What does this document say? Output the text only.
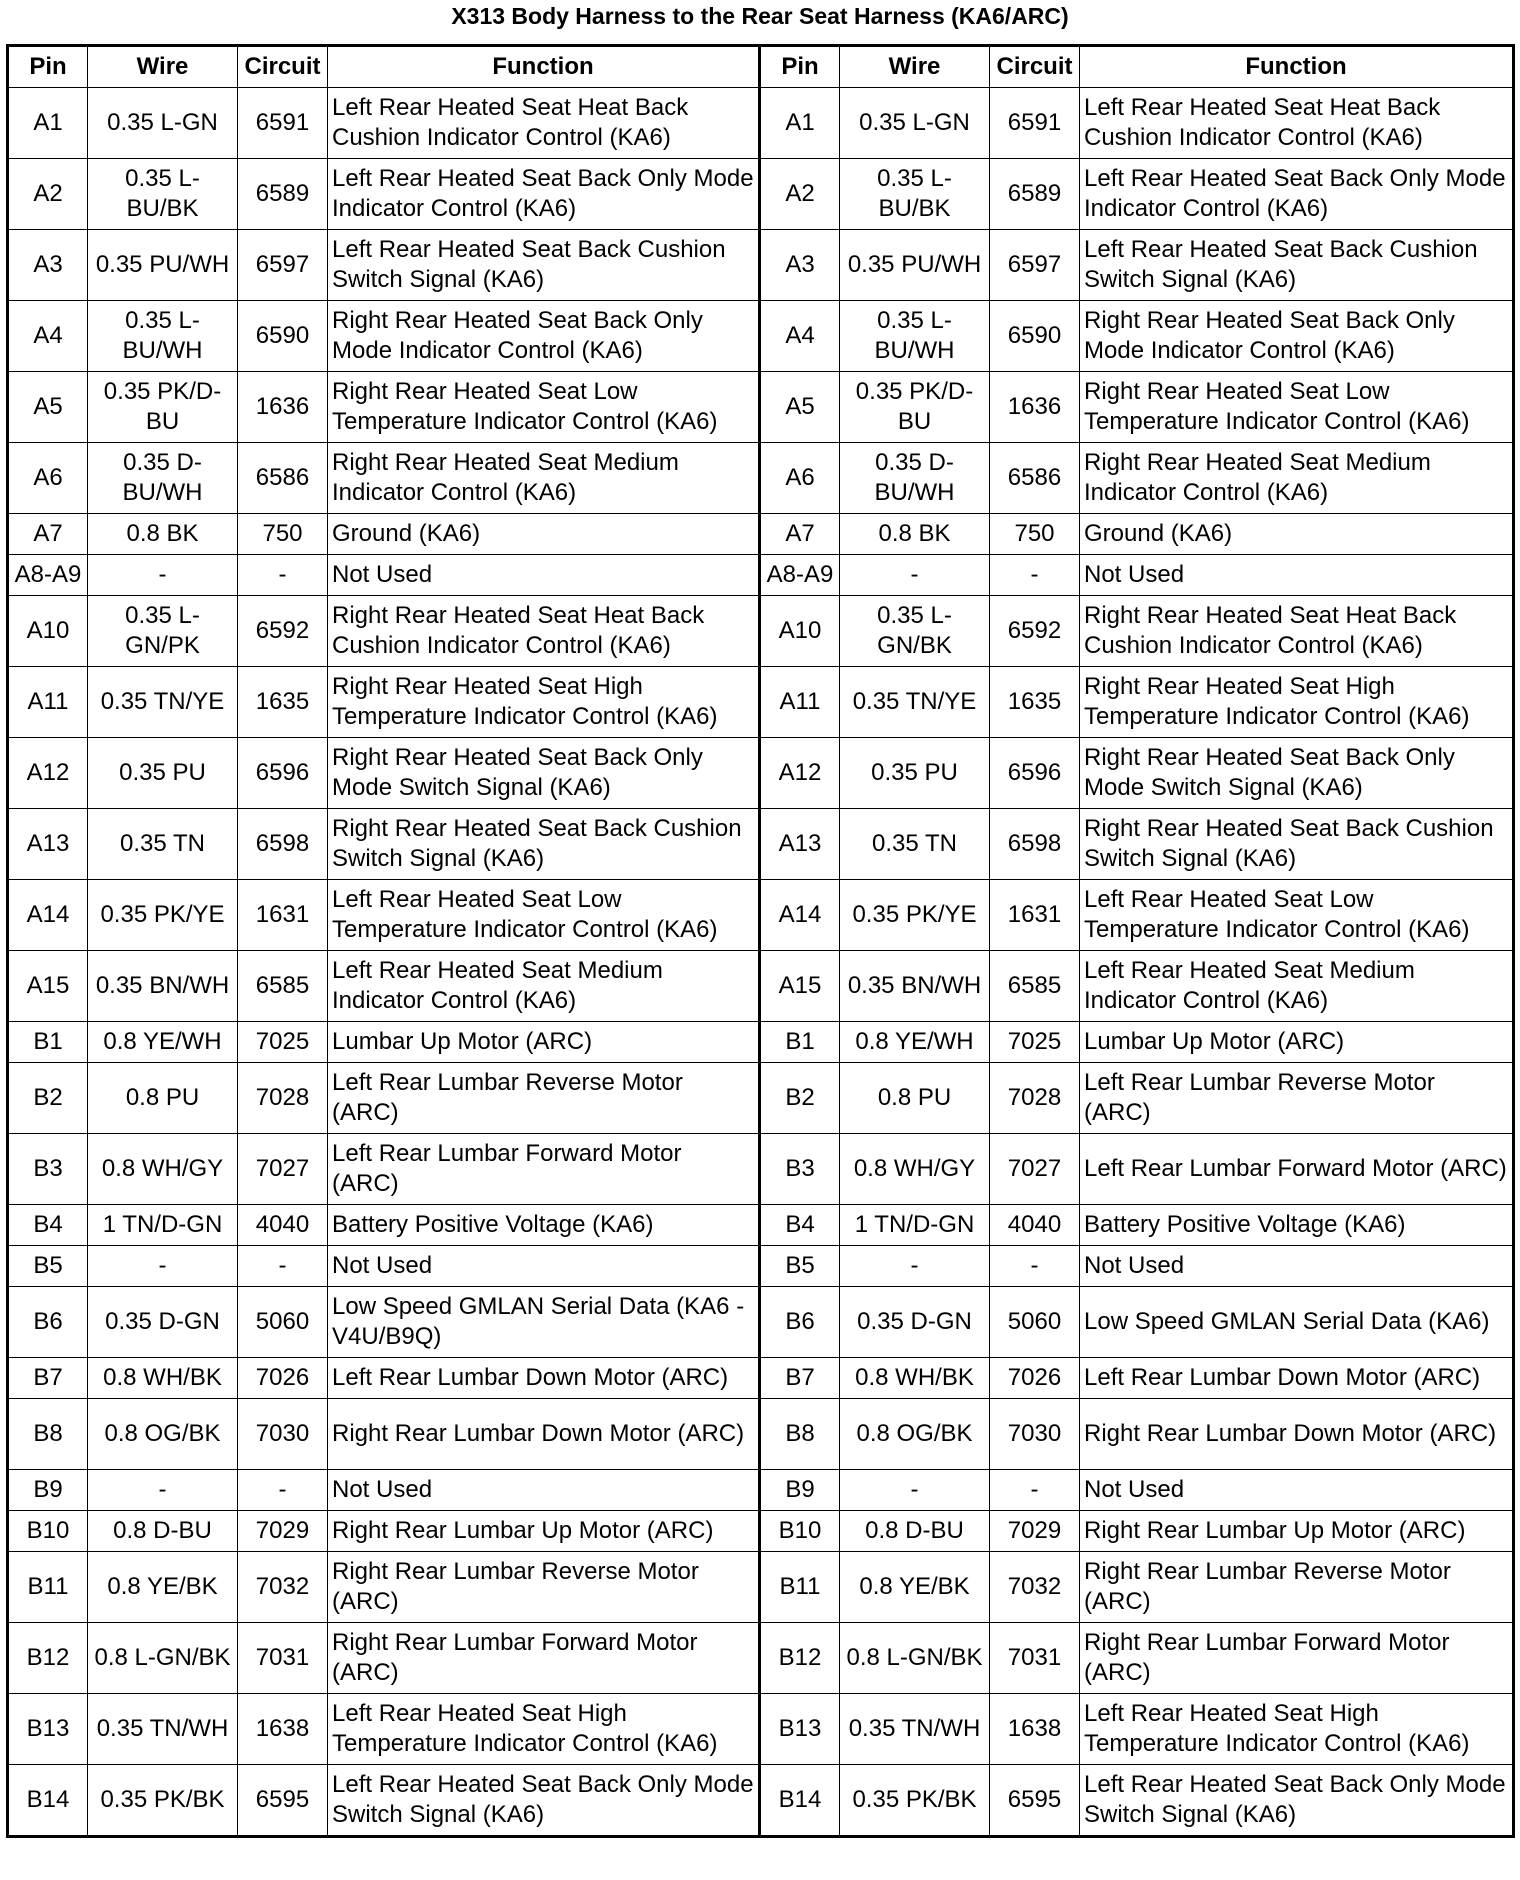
X313 Body Harness to the Rear Seat Harness (KA6/ARC)
Pin	Wire	Circuit	Function	Pin	Wire	Circuit	Function
A1	0.35 L-GN	6591	Left Rear Heated Seat Heat Back Cushion Indicator Control (KA6)	A1	0.35 L-GN	6591	Left Rear Heated Seat Heat Back Cushion Indicator Control (KA6)
A2	0.35 L-BU/BK	6589	Left Rear Heated Seat Back Only Mode Indicator Control (KA6)	A2	0.35 L-BU/BK	6589	Left Rear Heated Seat Back Only Mode Indicator Control (KA6)
A3	0.35 PU/WH	6597	Left Rear Heated Seat Back Cushion Switch Signal (KA6)	A3	0.35 PU/WH	6597	Left Rear Heated Seat Back Cushion Switch Signal (KA6)
A4	0.35 L-BU/WH	6590	Right Rear Heated Seat Back Only Mode Indicator Control (KA6)	A4	0.35 L-BU/WH	6590	Right Rear Heated Seat Back Only Mode Indicator Control (KA6)
A5	0.35 PK/D-BU	1636	Right Rear Heated Seat Low Temperature Indicator Control (KA6)	A5	0.35 PK/D-BU	1636	Right Rear Heated Seat Low Temperature Indicator Control (KA6)
A6	0.35 D-BU/WH	6586	Right Rear Heated Seat Medium Indicator Control (KA6)	A6	0.35 D-BU/WH	6586	Right Rear Heated Seat Medium Indicator Control (KA6)
A7	0.8 BK	750	Ground (KA6)	A7	0.8 BK	750	Ground (KA6)
A8-A9	-	-	Not Used	A8-A9	-	-	Not Used
A10	0.35 L-GN/PK	6592	Right Rear Heated Seat Heat Back Cushion Indicator Control (KA6)	A10	0.35 L-GN/BK	6592	Right Rear Heated Seat Heat Back Cushion Indicator Control (KA6)
A11	0.35 TN/YE	1635	Right Rear Heated Seat High Temperature Indicator Control (KA6)	A11	0.35 TN/YE	1635	Right Rear Heated Seat High Temperature Indicator Control (KA6)
A12	0.35 PU	6596	Right Rear Heated Seat Back Only Mode Switch Signal (KA6)	A12	0.35 PU	6596	Right Rear Heated Seat Back Only Mode Switch Signal (KA6)
A13	0.35 TN	6598	Right Rear Heated Seat Back Cushion Switch Signal (KA6)	A13	0.35 TN	6598	Right Rear Heated Seat Back Cushion Switch Signal (KA6)
A14	0.35 PK/YE	1631	Left Rear Heated Seat Low Temperature Indicator Control (KA6)	A14	0.35 PK/YE	1631	Left Rear Heated Seat Low Temperature Indicator Control (KA6)
A15	0.35 BN/WH	6585	Left Rear Heated Seat Medium Indicator Control (KA6)	A15	0.35 BN/WH	6585	Left Rear Heated Seat Medium Indicator Control (KA6)
B1	0.8 YE/WH	7025	Lumbar Up Motor (ARC)	B1	0.8 YE/WH	7025	Lumbar Up Motor (ARC)
B2	0.8 PU	7028	Left Rear Lumbar Reverse Motor (ARC)	B2	0.8 PU	7028	Left Rear Lumbar Reverse Motor (ARC)
B3	0.8 WH/GY	7027	Left Rear Lumbar Forward Motor (ARC)	B3	0.8 WH/GY	7027	Left Rear Lumbar Forward Motor (ARC)
B4	1 TN/D-GN	4040	Battery Positive Voltage (KA6)	B4	1 TN/D-GN	4040	Battery Positive Voltage (KA6)
B5	-	-	Not Used	B5	-	-	Not Used
B6	0.35 D-GN	5060	Low Speed GMLAN Serial Data (KA6 -V4U/B9Q)	B6	0.35 D-GN	5060	Low Speed GMLAN Serial Data (KA6)
B7	0.8 WH/BK	7026	Left Rear Lumbar Down Motor (ARC)	B7	0.8 WH/BK	7026	Left Rear Lumbar Down Motor (ARC)
B8	0.8 OG/BK	7030	Right Rear Lumbar Down Motor (ARC)	B8	0.8 OG/BK	7030	Right Rear Lumbar Down Motor (ARC)
B9	-	-	Not Used	B9	-	-	Not Used
B10	0.8 D-BU	7029	Right Rear Lumbar Up Motor (ARC)	B10	0.8 D-BU	7029	Right Rear Lumbar Up Motor (ARC)
B11	0.8 YE/BK	7032	Right Rear Lumbar Reverse Motor (ARC)	B11	0.8 YE/BK	7032	Right Rear Lumbar Reverse Motor (ARC)
B12	0.8 L-GN/BK	7031	Right Rear Lumbar Forward Motor (ARC)	B12	0.8 L-GN/BK	7031	Right Rear Lumbar Forward Motor (ARC)
B13	0.35 TN/WH	1638	Left Rear Heated Seat High Temperature Indicator Control (KA6)	B13	0.35 TN/WH	1638	Left Rear Heated Seat High Temperature Indicator Control (KA6)
B14	0.35 PK/BK	6595	Left Rear Heated Seat Back Only Mode Switch Signal (KA6)	B14	0.35 PK/BK	6595	Left Rear Heated Seat Back Only Mode Switch Signal (KA6)
